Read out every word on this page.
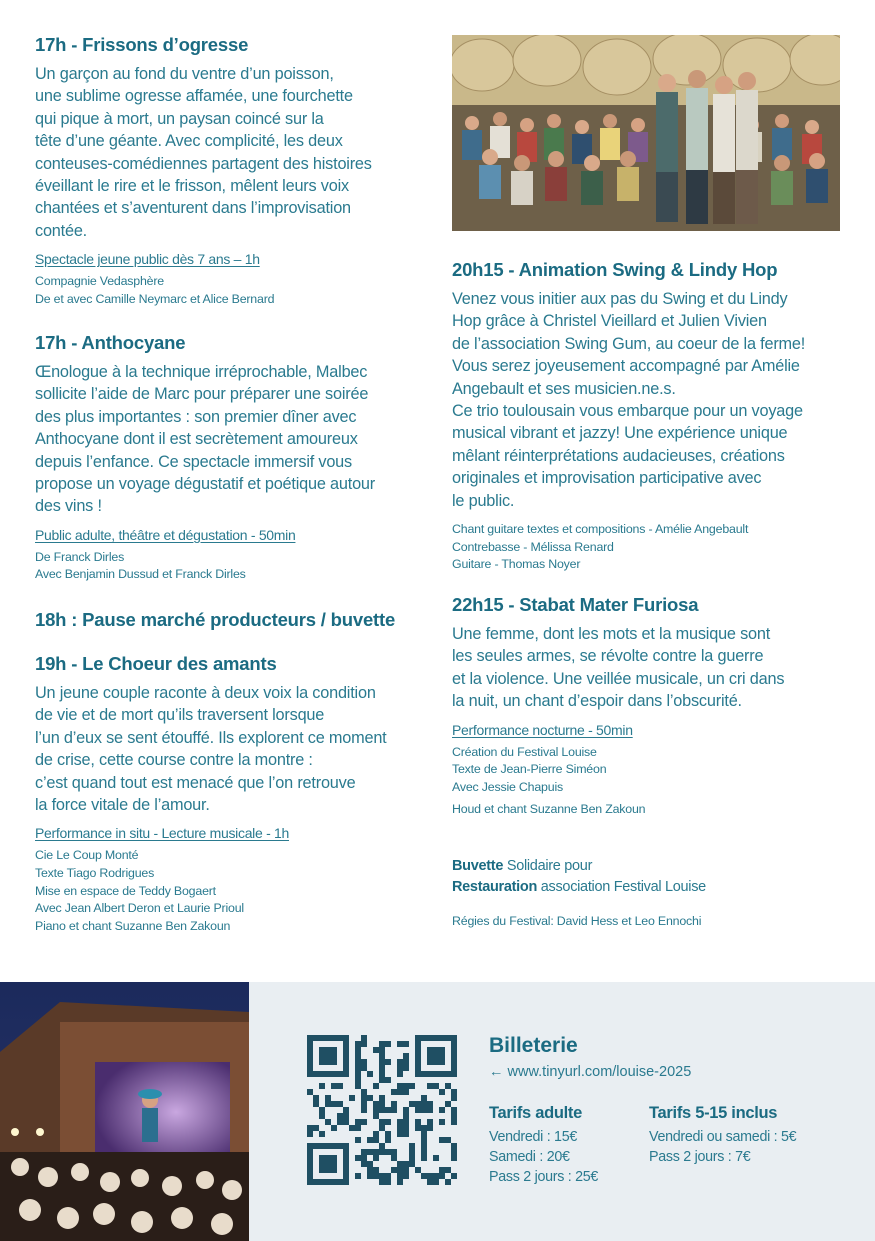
17h - Frissons d’ogresse

Un garçon au fond du ventre d’un poisson,

une sublime ogresse affamée, une fourchette

qui pique à mort, un paysan coincé sur la

tête d’une géante. Avec complicité, les deux

conteuses-comédiennes partagent des histoires

éveillant le rire et le frisson, mêlent leurs voix

chantées et s’aventurent dans l’improvisation

contée.

Spectacle jeune public dès 7 ans – 1h
Compagnie Vedasphère
De et avec Camille Neymarc et Alice Bernard
17h - Anthocyane

Œnologue à la technique irréprochable, Malbec

sollicite l’aide de Marc pour préparer une soirée

des plus importantes : son premier dîner avec

Anthocyane dont il est secrètement amoureux

depuis l’enfance. Ce spectacle immersif vous

propose un voyage dégustatif et poétique autour

des vins !

Public adulte, théâtre et dégustation - 50min
De Franck Dirles
Avec Benjamin Dussud et Franck Dirles
18h : Pause marché producteurs / buvette
19h - Le Choeur des amants

Un jeune couple raconte à deux voix la condition

de vie et de mort qu’ils traversent lorsque

l’un d’eux se sent étouffé. Ils explorent ce moment

de crise, cette course contre la montre :

c’est quand tout est menacé que l’on retrouve

la force vitale de l’amour.

Performance in situ - Lecture musicale - 1h
Cie Le Coup Monté
Texte Tiago Rodrigues
Mise en espace de Teddy Bogaert
Avec Jean Albert Deron et Laurie Prioul
Piano et chant Suzanne Ben Zakoun
20h15 - Animation Swing & Lindy Hop

Venez vous initier aux pas du Swing et du Lindy

Hop grâce à Christel Vieillard et Julien Vivien

de l’association Swing Gum, au coeur de la ferme!

Vous serez joyeusement accompagné par Amélie

Angebault et ses musicien.ne.s.

Ce trio toulousain vous embarque pour un voyage

musical vibrant et jazzy! Une expérience unique

mêlant réinterprétations audacieuses, créations

originales et improvisation participative avec

le public.

Chant guitare textes et compositions - Amélie Angebault
Contrebasse - Mélissa Renard
Guitare - Thomas Noyer
22h15 - Stabat Mater Furiosa

Une femme, dont les mots et la musique sont

les seules armes, se révolte contre la guerre

et la violence. Une veillée musicale, un cri dans

la nuit, un chant d’espoir dans l’obscurité.

Performance nocturne - 50min
Création du Festival Louise
Texte de Jean-Pierre Siméon
Avec Jessie Chapuis
Houd et chant Suzanne Ben Zakoun
Buvette Solidaire pour
Restauration association Festival Louise
Régies du Festival: David Hess et Leo Ennochi
Billeterie
← www.tinyurl.com/louise-2025
Tarifs adulte
Vendredi : 15€
Samedi : 20€
Pass 2 jours : 25€
Tarifs 5-15 inclus
Vendredi ou samedi : 5€
Pass 2 jours : 7€
